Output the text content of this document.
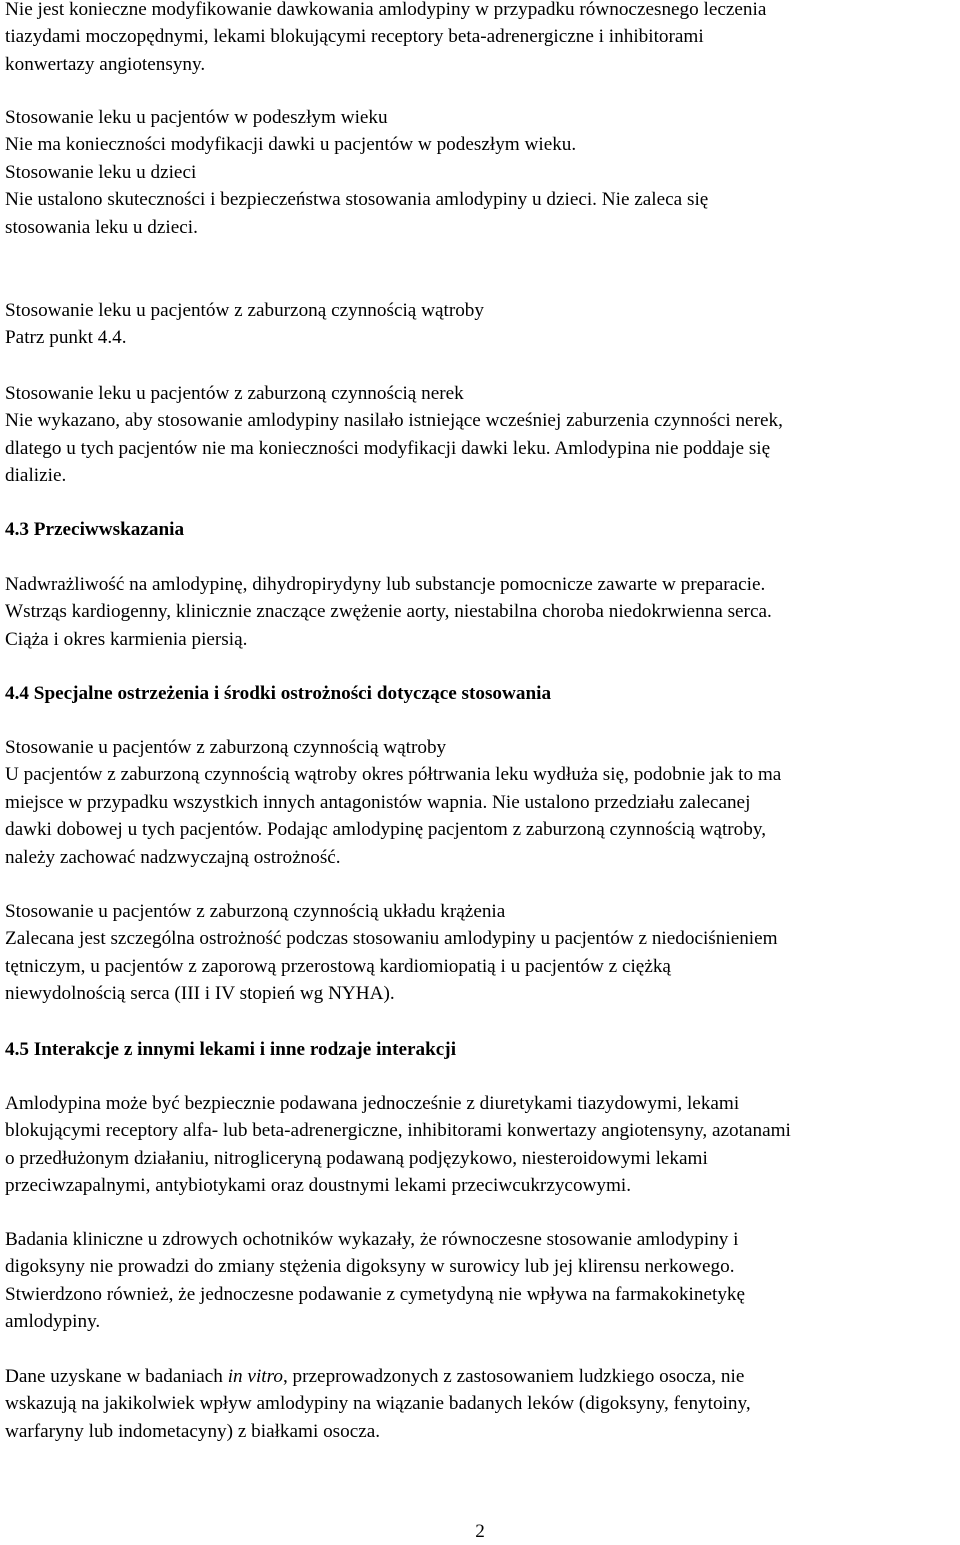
Nie jest konieczne modyfikowanie dawkowania amlodypiny w przypadku równoczesnego leczenia
tiazydami moczopędnymi, lekami blokującymi receptory beta-adrenergiczne i inhibitorami
konwertazy angiotensyny.
Stosowanie leku u pacjentów w podeszłym wieku
Nie ma konieczności modyfikacji dawki u pacjentów w podeszłym wieku.
Stosowanie leku u dzieci
Nie ustalono skuteczności i bezpieczeństwa stosowania amlodypiny u dzieci. Nie zaleca się
stosowania leku u dzieci.
Stosowanie leku u pacjentów z zaburzoną czynnością wątroby
Patrz punkt 4.4.
Stosowanie leku u pacjentów z zaburzoną czynnością nerek
Nie wykazano, aby stosowanie amlodypiny nasilało istniejące wcześniej zaburzenia czynności nerek,
dlatego u tych pacjentów nie ma konieczności modyfikacji dawki leku. Amlodypina nie poddaje się
dializie.
4.3 Przeciwwskazania
Nadwrażliwość na amlodypinę, dihydropirydyny lub substancje pomocnicze zawarte w preparacie.
Wstrząs kardiogenny, klinicznie znaczące zwężenie aorty, niestabilna choroba niedokrwienna serca.
Ciąża i okres karmienia piersią.
4.4 Specjalne ostrzeżenia i środki ostrożności dotyczące stosowania
Stosowanie u pacjentów z zaburzoną czynnością wątroby
U pacjentów z zaburzoną czynnością wątroby okres półtrwania leku wydłuża się, podobnie jak to ma
miejsce w przypadku wszystkich innych antagonistów wapnia. Nie ustalono przedziału zalecanej
dawki dobowej u tych pacjentów. Podając amlodypinę pacjentom z zaburzoną czynnością wątroby,
należy zachować nadzwyczajną ostrożność.
Stosowanie u pacjentów z zaburzoną czynnością układu krążenia
Zalecana jest szczególna ostrożność podczas stosowaniu amlodypiny u pacjentów z niedociśnieniem
tętniczym, u pacjentów z zaporową przerostową kardiomiopatią i u pacjentów z ciężką
niewydolnością serca (III i IV stopień wg NYHA).
4.5 Interakcje z innymi lekami i inne rodzaje interakcji
Amlodypina może być bezpiecznie podawana jednocześnie z diuretykami tiazydowymi, lekami
blokującymi receptory alfa- lub beta-adrenergiczne, inhibitorami konwertazy angiotensyny, azotanami
o przedłużonym działaniu, nitrogliceryną podawaną podjęzykowo, niesteroidowymi lekami
przeciwzapalnymi, antybiotykami oraz doustnymi lekami przeciwcukrzycowymi.
Badania kliniczne u zdrowych ochotników wykazały, że równoczesne stosowanie amlodypiny i
digoksyny nie prowadzi do zmiany stężenia digoksyny w surowicy lub jej klirensu nerkowego.
Stwierdzono również, że jednoczesne podawanie z cymetydyną nie wpływa na farmakokinetykę
amlodypiny.
Dane uzyskane w badaniach in vitro, przeprowadzonych z zastosowaniem ludzkiego osocza, nie
wskazują na jakikolwiek wpływ amlodypiny na wiązanie badanych leków (digoksyny, fenytoiny,
warfaryny lub indometacyny) z białkami osocza.
2
